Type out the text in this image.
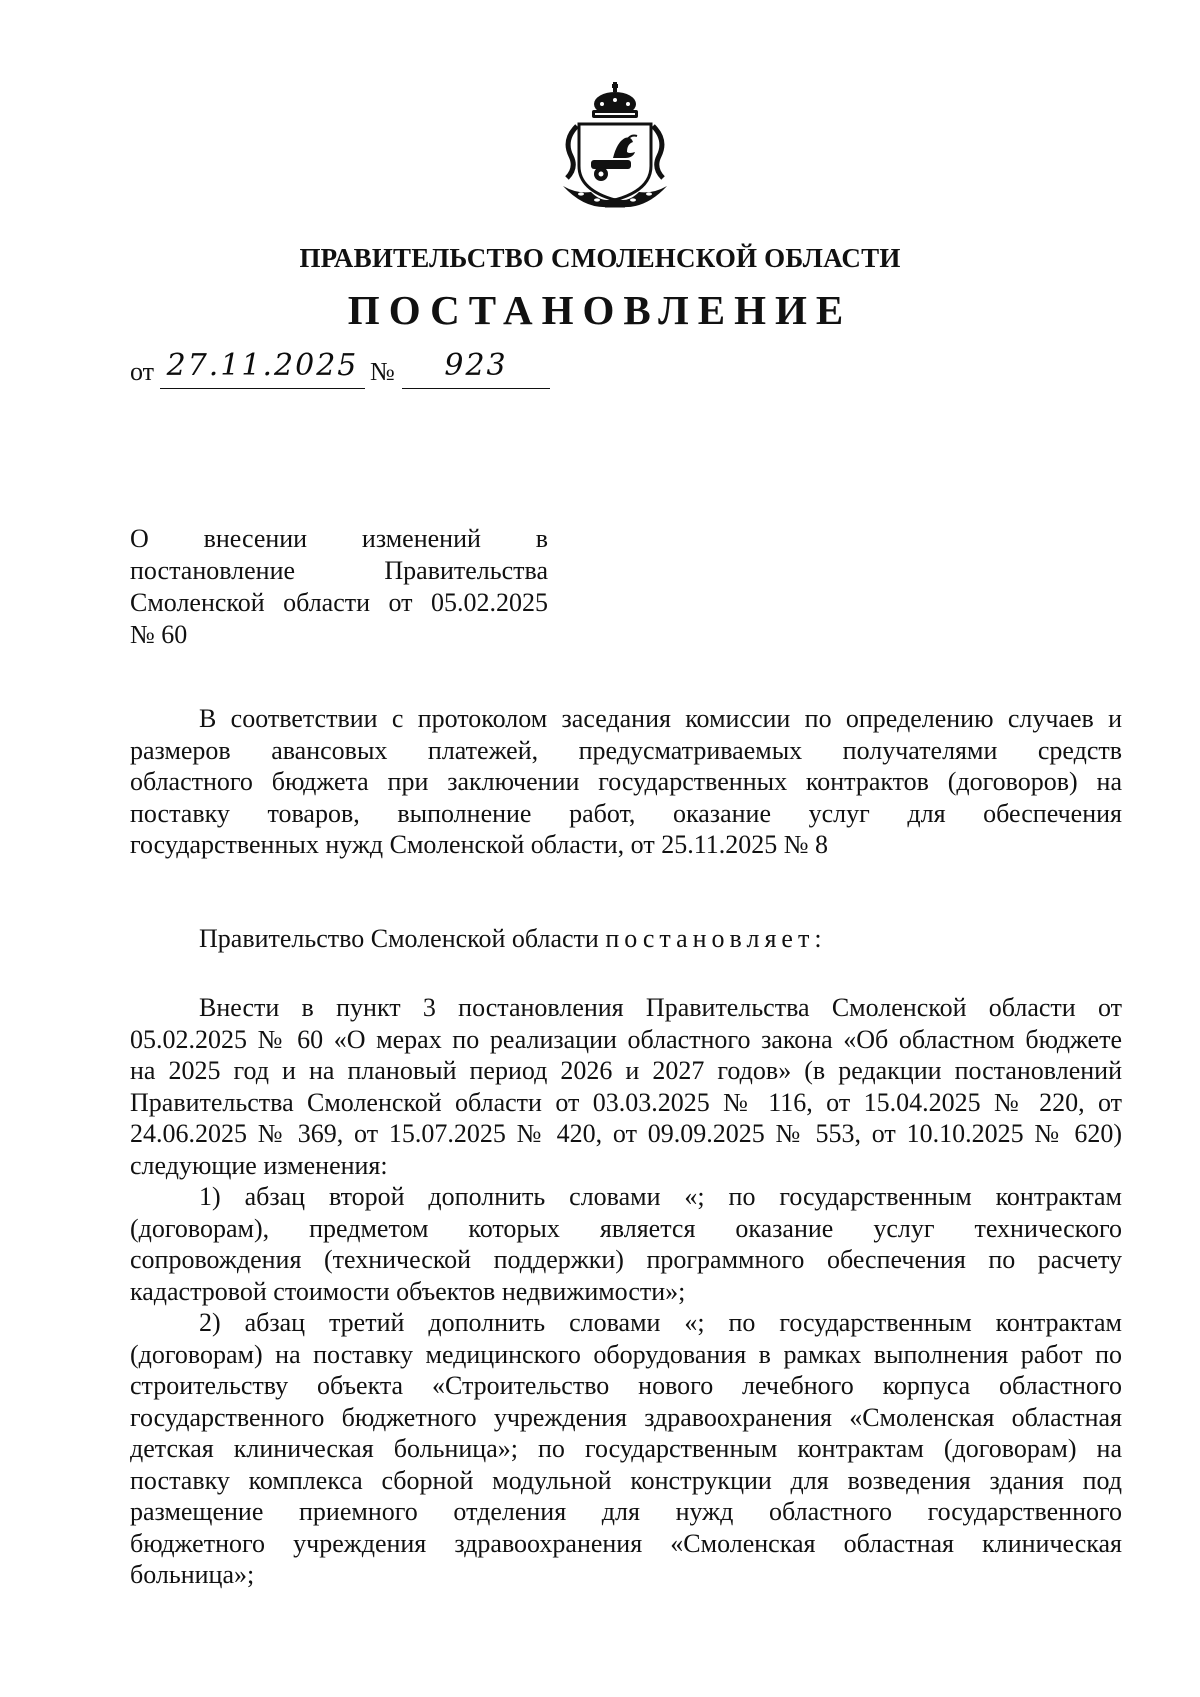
ПРАВИТЕЛЬСТВО СМОЛЕНСКОЙ ОБЛАСТИ
ПОСТАНОВЛЕНИЕ
от 27.11.2025 №	923
О внесении изменений в
постановление Правительства
Смоленской области от 05.02.2025
№ 60
В соответствии с протоколом заседания комиссии по определению случаев и
размеров авансовых платежей, предусматриваемых получателями средств
областного бюджета при заключении государственных контрактов (договоров) на
поставку товаров, выполнение работ, оказание услуг для обеспечения
государственных нужд Смоленской области, от 25.11.2025 № 8
Правительство Смоленской области постановляет:
Внести в пункт 3 постановления Правительства Смоленской области от
05.02.2025 № 60 «О мерах по реализации областного закона «Об областном бюджете
на 2025 год и на плановый период 2026 и 2027 годов» (в редакции постановлений
Правительства Смоленской области от 03.03.2025 № 116, от 15.04.2025 № 220, от
24.06.2025 № 369, от 15.07.2025 № 420, от 09.09.2025 № 553, от 10.10.2025 № 620)
следующие изменения:
1) абзац второй дополнить словами «; по государственным контрактам
(договорам), предметом которых является оказание услуг технического
сопровождения (технической поддержки) программного обеспечения по расчету
кадастровой стоимости объектов недвижимости»;
2) абзац третий дополнить словами «; по государственным контрактам
(договорам) на поставку медицинского оборудования в рамках выполнения работ по
строительству объекта «Строительство нового лечебного корпуса областного
государственного бюджетного учреждения здравоохранения «Смоленская областная
детская клиническая больница»; по государственным контрактам (договорам) на
поставку комплекса сборной модульной конструкции для возведения здания под
размещение приемного отделения для нужд областного государственного
бюджетного учреждения здравоохранения «Смоленская областная клиническая
больница»;
